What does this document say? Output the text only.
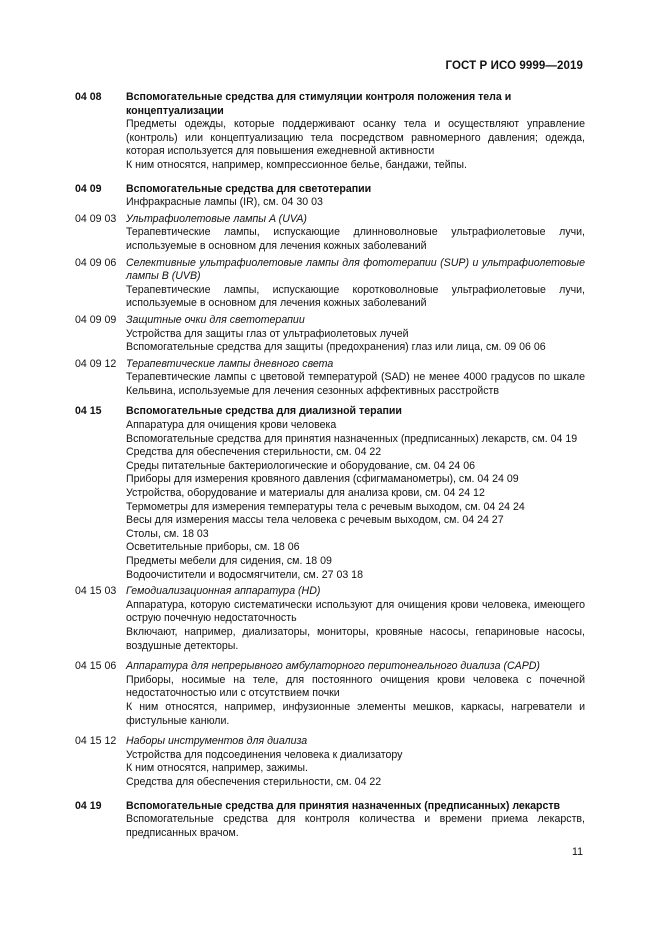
ГОСТ Р ИСО 9999—2019
04 08	Вспомогательные средства для стимуляции контроля положения тела и концептуализации
Предметы одежды, которые поддерживают осанку тела и осуществляют управление (контроль) или концептуализацию тела посредством равномерного давления; одежда, которая используется для повышения ежедневной активности
К ним относятся, например, компрессионное белье, бандажи, тейпы.
04 09	Вспомогательные средства для светотерапии
Инфракрасные лампы (IR), см. 04 30 03
04 09 03 Ультрафиолетовые лампы A (UVA)
Терапевтические лампы, испускающие длинноволновые ультрафиолетовые лучи, используемые в основном для лечения кожных заболеваний
04 09 06 Селективные ультрафиолетовые лампы для фототерапии (SUP) и ультрафиолетовые лампы B (UVB)
Терапевтические лампы, испускающие коротковолновые ультрафиолетовые лучи, используемые в основном для лечения кожных заболеваний
04 09 09 Защитные очки для светотерапии
Устройства для защиты глаз от ультрафиолетовых лучей
Вспомогательные средства для защиты (предохранения) глаз или лица, см. 09 06 06
04 09 12 Терапевтические лампы дневного света
Терапевтические лампы с цветовой температурой (SAD) не менее 4000 градусов по шкале Кельвина, используемые для лечения сезонных аффективных расстройств
04 15	Вспомогательные средства для диализной терапии
Аппаратура для очищения крови человека
Вспомогательные средства для принятия назначенных (предписанных) лекарств, см. 04 19
Средства для обеспечения стерильности, см. 04 22
Среды питательные бактериологические и оборудование, см. 04 24 06
Приборы для измерения кровяного давления (сфигмаманометры), см. 04 24 09
Устройства, оборудование и материалы для анализа крови, см. 04 24 12
Термометры для измерения температуры тела с речевым выходом, см. 04 24 24
Весы для измерения массы тела человека с речевым выходом, см. 04 24 27
Столы, см. 18 03
Осветительные приборы, см. 18 06
Предметы мебели для сидения, см. 18 09
Водоочистители и водосмягчители, см. 27 03 18
04 15 03 Гемодиализационная аппаратура (HD)
Аппаратура, которую систематически используют для очищения крови человека, имеющего острую почечную недостаточность
Включают, например, диализаторы, мониторы, кровяные насосы, гепариновые насосы, воздушные детекторы.
04 15 06 Аппаратура для непрерывного амбулаторного перитонеального диализа (CAPD)
Приборы, носимые на теле, для постоянного очищения крови человека с почечной недостаточностью или с отсутствием почки
К ним относятся, например, инфузионные элементы мешков, каркасы, нагреватели и фистульные канюли.
04 15 12 Наборы инструментов для диализа
Устройства для подсоединения человека к диализатору
К ним относятся, например, зажимы.
Средства для обеспечения стерильности, см. 04 22
04 19	Вспомогательные средства для принятия назначенных (предписанных) лекарств
Вспомогательные средства для контроля количества и времени приема лекарств, предписанных врачом.
11
